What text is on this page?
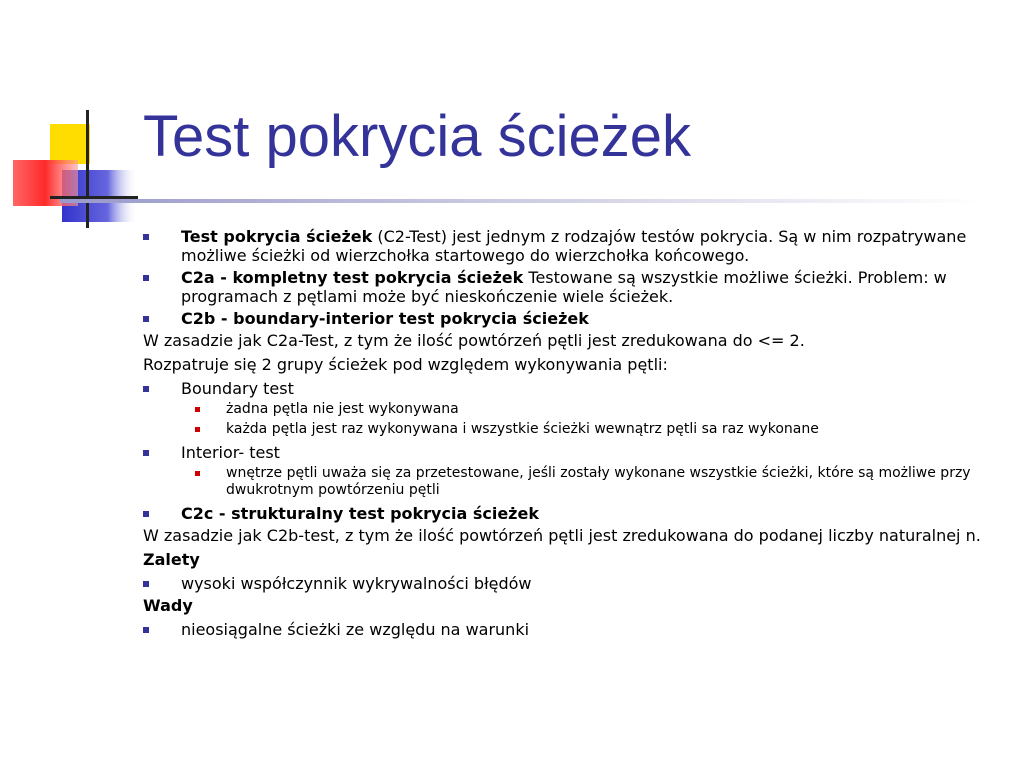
Test pokrycia ścieżek
Test pokrycia ścieżek (C2-Test) jest jednym z rodzajów testów pokrycia. Są w nim rozpatrywane możliwe ścieżki od wierzchołka startowego do wierzchołka końcowego.
C2a - kompletny test pokrycia ścieżek Testowane są wszystkie możliwe ścieżki. Problem: w programach z pętlami może być nieskończenie wiele ścieżek.
C2b - boundary-interior test pokrycia ścieżek
W zasadzie jak C2a-Test, z tym że ilość powtórzeń pętli jest zredukowana do <= 2.
Rozpatruje się 2 grupy ścieżek pod względem wykonywania pętli:
Boundary test
żadna pętla nie jest wykonywana
każda pętla jest raz wykonywana i wszystkie ścieżki wewnątrz pętli sa raz wykonane
Interior- test
wnętrze pętli uważa się za przetestowane, jeśli zostały wykonane wszystkie ścieżki, które są możliwe przy dwukrotnym powtórzeniu pętli
C2c - strukturalny test pokrycia ścieżek
W zasadzie jak C2b-test, z tym że ilość powtórzeń pętli jest zredukowana do podanej liczby naturalnej n.
Zalety
wysoki współczynnik wykrywalności błędów
Wady
nieosiągalne ścieżki ze względu na warunki
